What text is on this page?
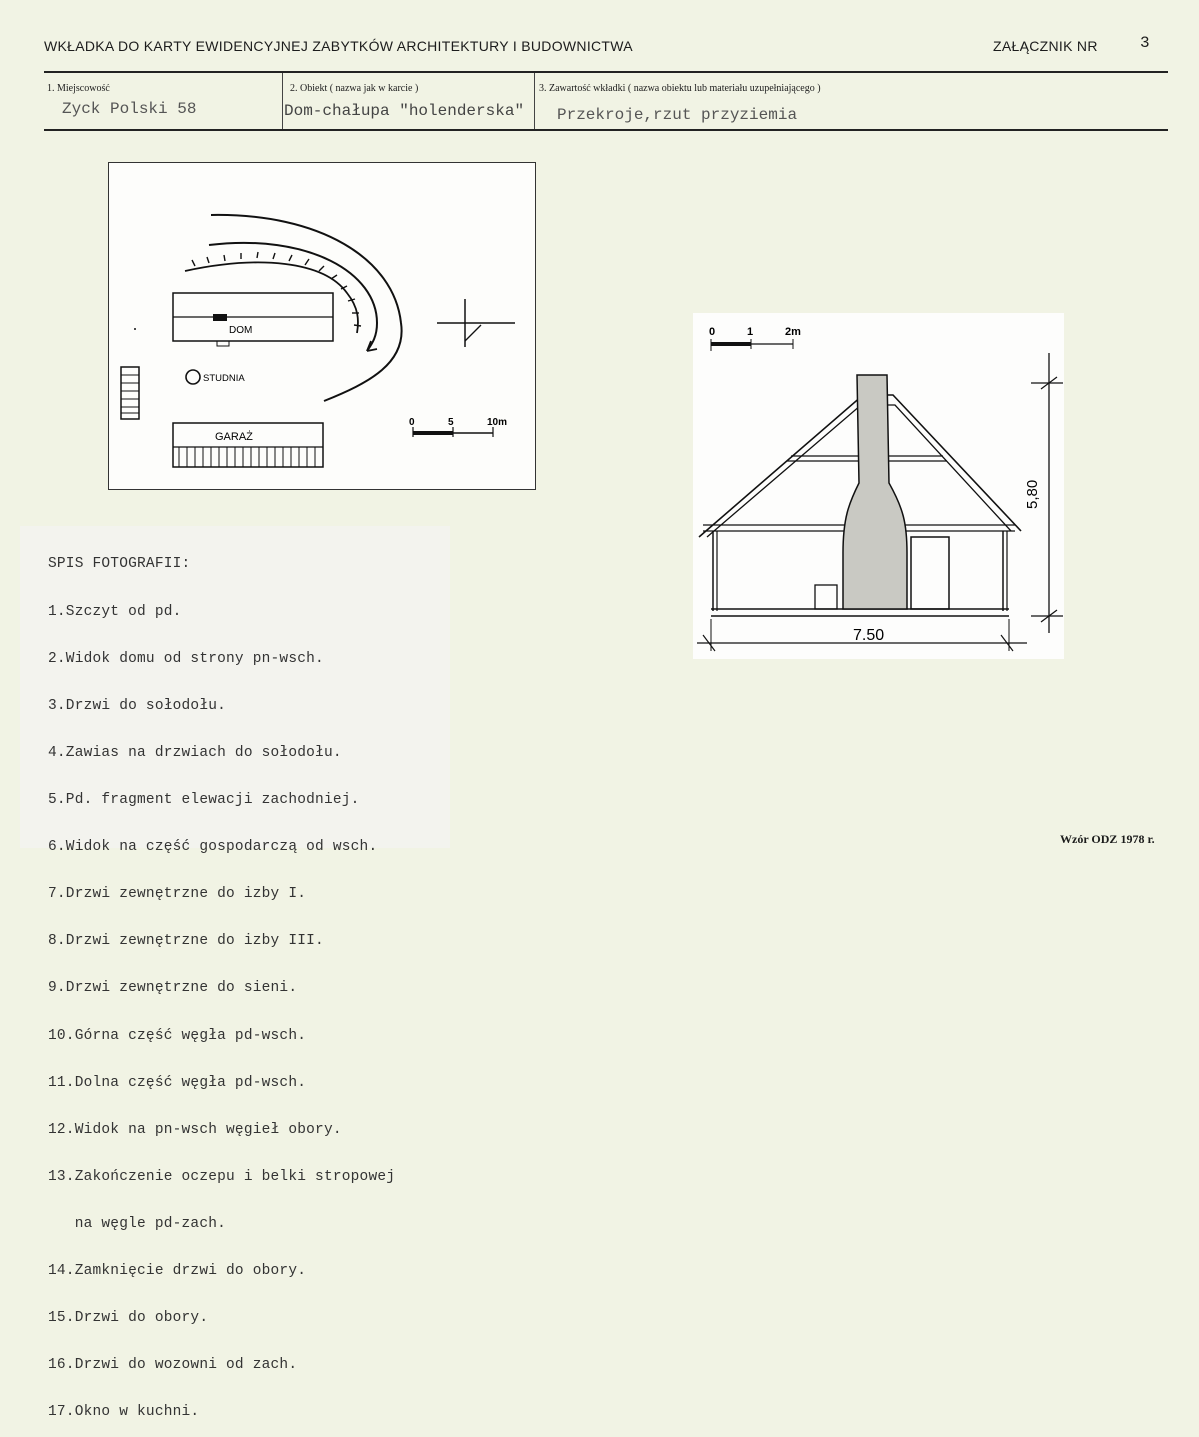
WKŁADKA DO KARTY EWIDENCYJNEJ ZABYTKÓW ARCHITEKTURY I BUDOWNICTWA	ZAŁĄCZNIK NR	3
1. Miejscowość
Zyck Polski 58
2. Obiekt ( nazwa jak w karcie )
Dom-chałupa "holenderska"
3. Zawartość wkładki ( nazwa obiektu lub materiału uzupełniającego )
Przekroje,rzut przyziemia
DOM
STUDNIA
GARAŻ
0	5	10m
0	1	2m
7.50
5,80

SPIS FOTOGRAFII:

1.Szczyt od pd.

2.Widok domu od strony pn-wsch.

3.Drzwi do sołodołu.

4.Zawias na drzwiach do sołodołu.

5.Pd. fragment elewacji zachodniej.

6.Widok na część gospodarczą od wsch.

7.Drzwi zewnętrzne do izby I.

8.Drzwi zewnętrzne do izby III.

9.Drzwi zewnętrzne do sieni.

10.Górna część węgła pd-wsch.

11.Dolna część węgła pd-wsch.

12.Widok na pn-wsch węgieł obory.

13.Zakończenie oczepu i belki stropowej

na węgle pd-zach.

14.Zamknięcie drzwi do obory.

15.Drzwi do obory.

16.Drzwi do wozowni od zach.

17.Okno w kuchni.

Wzór ODZ 1978 r.
